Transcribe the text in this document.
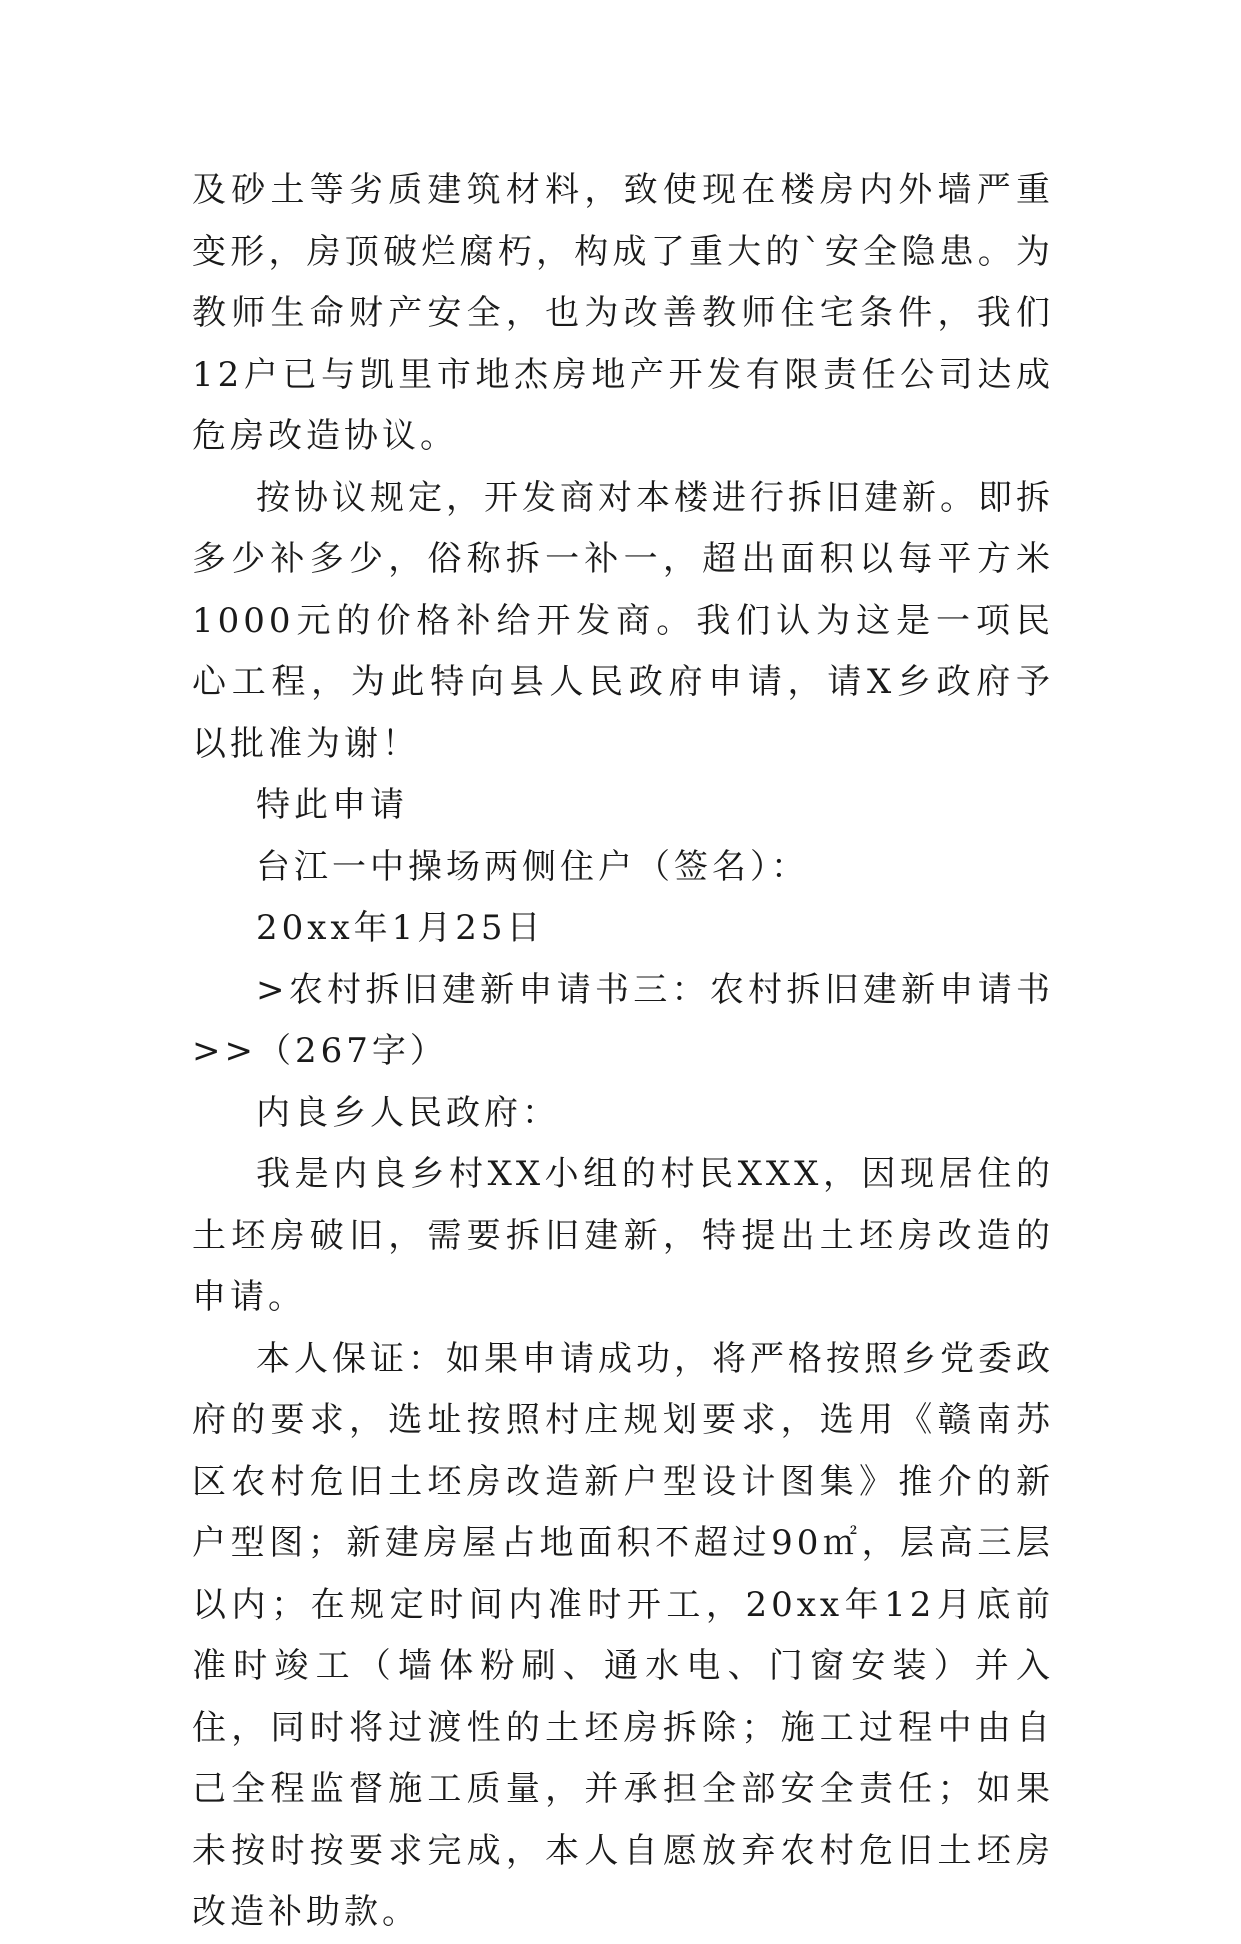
及砂土等劣质建筑材料，致使现在楼房内外墙严重变形，房顶破烂腐朽，构成了重大的`安全隐患。为教师生命财产安全，也为改善教师住宅条件，我们12户已与凯里市地杰房地产开发有限责任公司达成危房改造协议。

按协议规定，开发商对本楼进行拆旧建新。即拆多少补多少，俗称拆一补一，超出面积以每平方米1000元的价格补给开发商。我们认为这是一项民心工程，为此特向县人民政府申请，请X乡政府予以批准为谢！

特此申请

台江一中操场两侧住户（签名）：

20xx年1月25日

>农村拆旧建新申请书三：农村拆旧建新申请书>>（267字）

内良乡人民政府：

我是内良乡村XX小组的村民XXX，因现居住的土坯房破旧，需要拆旧建新，特提出土坯房改造的申请。

本人保证：如果申请成功，将严格按照乡党委政府的要求，选址按照村庄规划要求，选用《赣南苏区农村危旧土坯房改造新户型设计图集》推介的新户型图；新建房屋占地面积不超过90㎡，层高三层以内；在规定时间内准时开工，20xx年12月底前准时竣工（墙体粉刷、通水电、门窗安装）并入住，同时将过渡性的土坯房拆除；施工过程中由自己全程监督施工质量，并承担全部安全责任；如果未按时按要求完成，本人自愿放弃农村危旧土坯房改造补助款。
